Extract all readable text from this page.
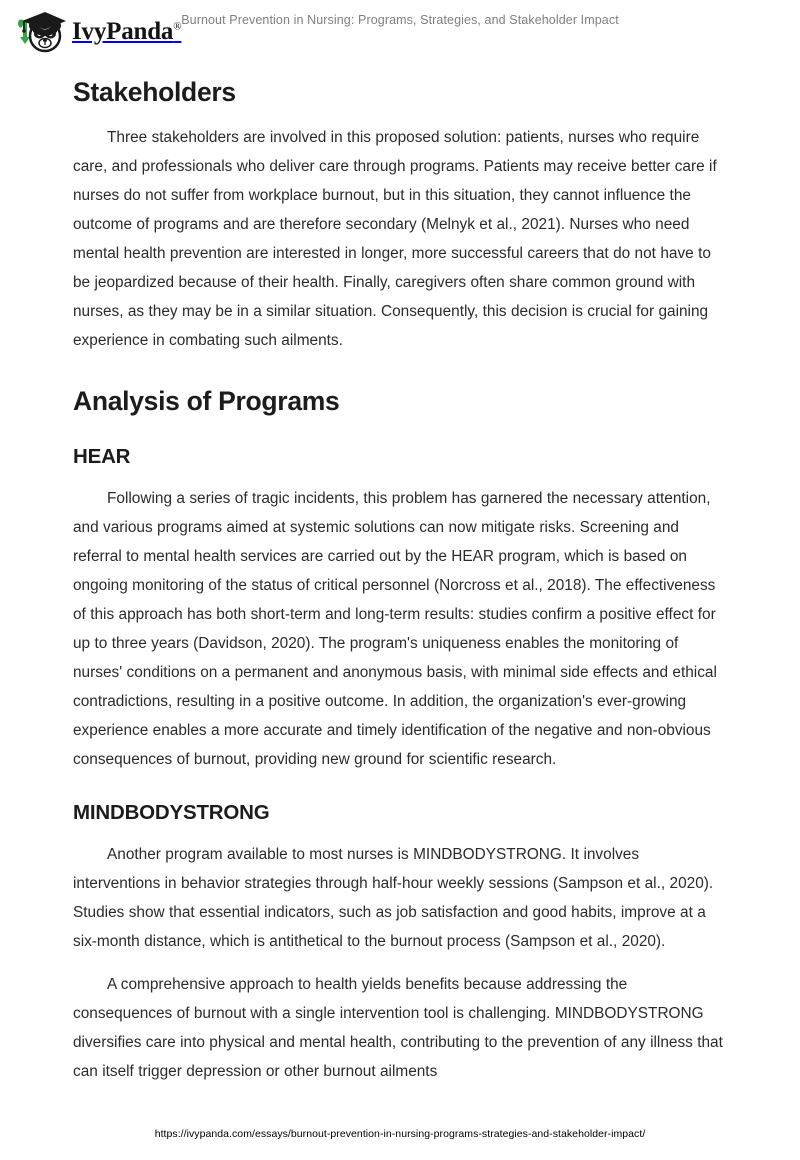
IvyPanda® Burnout Prevention in Nursing: Programs, Strategies, and Stakeholder Impact
Stakeholders

Three stakeholders are involved in this proposed solution: patients, nurses who require care, and professionals who deliver care through programs. Patients may receive better care if nurses do not suffer from workplace burnout, but in this situation, they cannot influence the outcome of programs and are therefore secondary (Melnyk et al., 2021). Nurses who need mental health prevention are interested in longer, more successful careers that do not have to be jeopardized because of their health. Finally, caregivers often share common ground with nurses, as they may be in a similar situation. Consequently, this decision is crucial for gaining experience in combating such ailments.

Analysis of Programs
HEAR

Following a series of tragic incidents, this problem has garnered the necessary attention, and various programs aimed at systemic solutions can now mitigate risks. Screening and referral to mental health services are carried out by the HEAR program, which is based on ongoing monitoring of the status of critical personnel (Norcross et al., 2018). The effectiveness of this approach has both short-term and long-term results: studies confirm a positive effect for up to three years (Davidson, 2020). The program's uniqueness enables the monitoring of nurses' conditions on a permanent and anonymous basis, with minimal side effects and ethical contradictions, resulting in a positive outcome. In addition, the organization's ever-growing experience enables a more accurate and timely identification of the negative and non-obvious consequences of burnout, providing new ground for scientific research.

MINDBODYSTRONG

Another program available to most nurses is MINDBODYSTRONG. It involves interventions in behavior strategies through half-hour weekly sessions (Sampson et al., 2020). Studies show that essential indicators, such as job satisfaction and good habits, improve at a six-month distance, which is antithetical to the burnout process (Sampson et al., 2020).

A comprehensive approach to health yields benefits because addressing the consequences of burnout with a single intervention tool is challenging. MINDBODYSTRONG diversifies care into physical and mental health, contributing to the prevention of any illness that can itself trigger depression or other burnout ailments

https://ivypanda.com/essays/burnout-prevention-in-nursing-programs-strategies-and-stakeholder-impact/
